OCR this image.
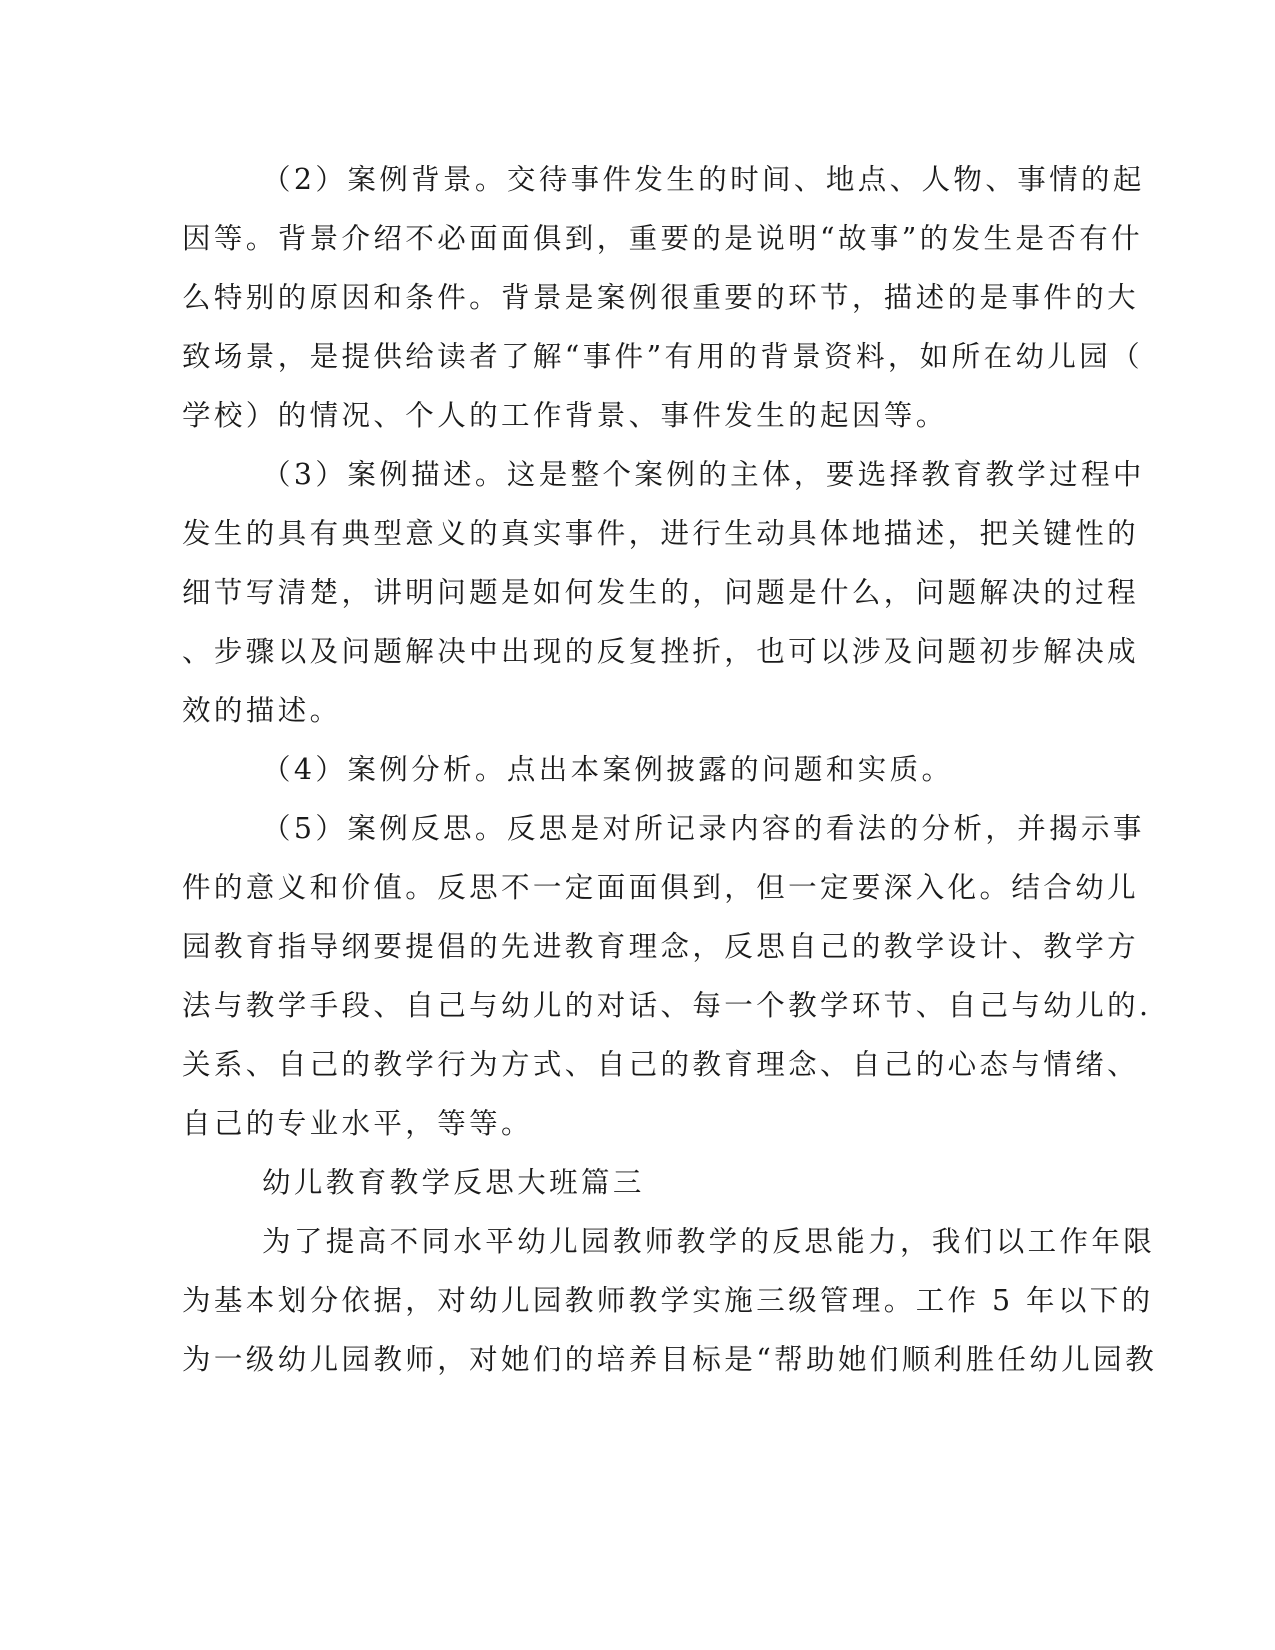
（2）案例背景。交待事件发生的时间、地点、人物、事情的起
因等。背景介绍不必面面俱到，重要的是说明“故事”的发生是否有什
么特别的原因和条件。背景是案例很重要的环节，描述的是事件的大
致场景，是提供给读者了解“事件”有用的背景资料，如所在幼儿园（
学校）的情况、个人的工作背景、事件发生的起因等。
（3）案例描述。这是整个案例的主体，要选择教育教学过程中
发生的具有典型意义的真实事件，进行生动具体地描述，把关键性的
细节写清楚，讲明问题是如何发生的，问题是什么，问题解决的过程
、步骤以及问题解决中出现的反复挫折，也可以涉及问题初步解决成
效的描述。
（4）案例分析。点出本案例披露的问题和实质。
（5）案例反思。反思是对所记录内容的看法的分析，并揭示事
件的意义和价值。反思不一定面面俱到，但一定要深入化。结合幼儿
园教育指导纲要提倡的先进教育理念，反思自己的教学设计、教学方
法与教学手段、自己与幼儿的对话、每一个教学环节、自己与幼儿的.
关系、自己的教学行为方式、自己的教育理念、自己的心态与情绪、
自己的专业水平，等等。
幼儿教育教学反思大班篇三
为了提高不同水平幼儿园教师教学的反思能力，我们以工作年限
为基本划分依据，对幼儿园教师教学实施三级管理。工作 5 年以下的
为一级幼儿园教师，对她们的培养目标是“帮助她们顺利胜任幼儿园教
